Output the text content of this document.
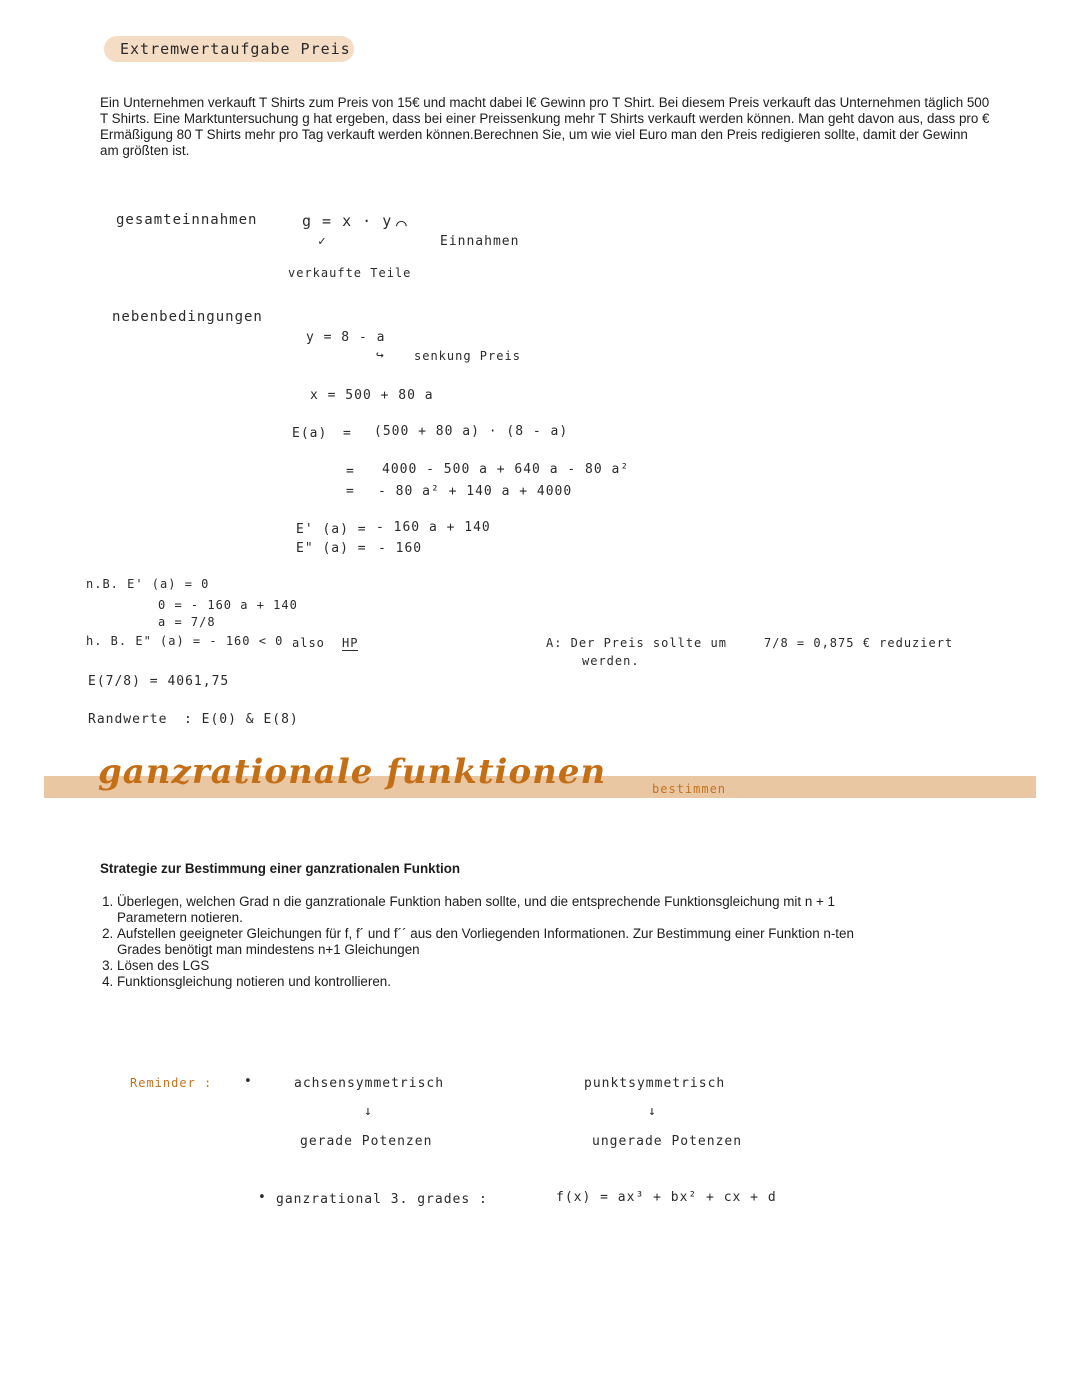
Extremwertaufgabe Preis
Ein Unternehmen verkauft T Shirts zum Preis von 15€ und macht dabei l€ Gewinn pro T Shirt. Bei diesem Preis verkauft das Unternehmen täglich 500 T Shirts. Eine Marktuntersuchung g hat ergeben, dass bei einer Preissenkung mehr T Shirts verkauft werden können. Man geht davon aus, dass pro € Ermäßigung 80 T Shirts mehr pro Tag verkauft werden können.Berechnen Sie, um wie viel Euro man den Preis redigieren sollte, damit der Gewinn am größten ist.
gesamteinnahmen	g = x · y ⌒
✓	Einnahmen
verkaufte Teile
nebenbedingungen
y = 8 - a
↪ senkung Preis
x = 500 + 80 a
E(a) = (500 + 80 a) · (8 - a)
= 4000 - 500 a + 640 a - 80 a²
= - 80 a² + 140 a + 4000
E' (a) = - 160 a + 140
E" (a) = - 160
n.B. E' (a) = 0
0 = - 160 a + 140
a = 7/8
h. B. E" (a) = - 160 < 0 also HP
E(7/8) = 4061,75
Randwerte : E(0) & E(8)
A: Der Preis sollte um	7/8 = 0,875 € reduziert
werden.
ganzrationale funktionen	bestimmen
Strategie zur Bestimmung einer ganzrationalen Funktion
1. Überlegen, welchen Grad n die ganzrationale Funktion haben sollte, und die entsprechende Funktionsgleichung mit n + 1 Parametern notieren.
2. Aufstellen geeigneter Gleichungen für f, f´ und f´´ aus den Vorliegenden Informationen. Zur Bestimmung einer Funktion n-ten Grades benötigt man mindestens n+1 Gleichungen
3. Lösen des LGS
4. Funktionsgleichung notieren und kontrollieren.
Reminder : •	achsensymmetrisch
↓
gerade Potenzen
punktsymmetrisch
↓
ungerade Potenzen
• ganzrational 3. grades :	f(x) = ax³ + bx² + cx + d
